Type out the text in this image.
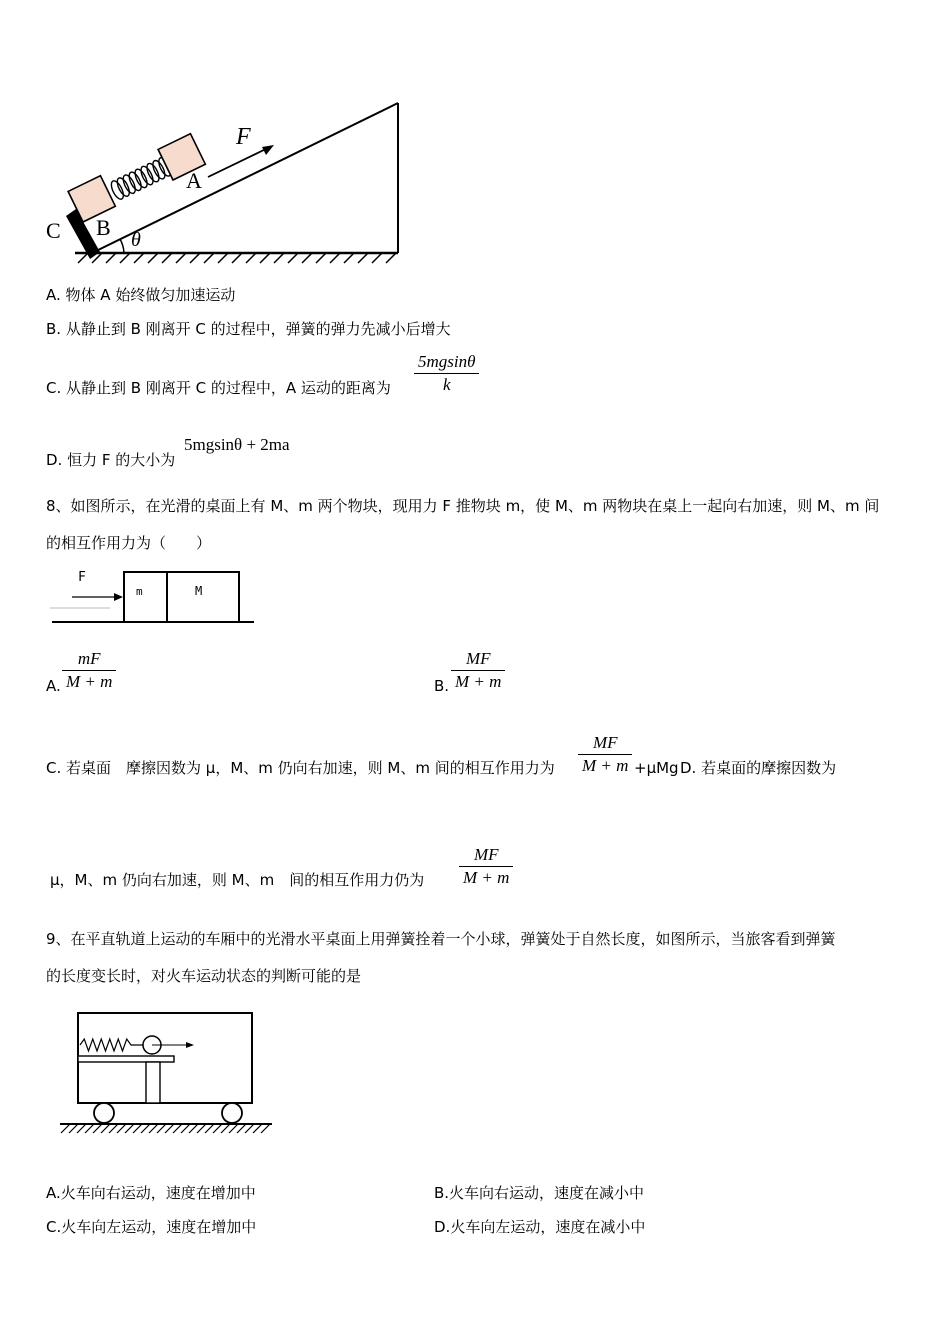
F
A
B
C	θ
A. 物体 A 始终做匀加速运动
B. 从静止到 B 刚离开 C 的过程中，弹簧的弹力先减小后增大
C. 从静止到 B 刚离开 C 的过程中，A 运动的距离为
5mgsinθ
k
D. 恒力 F 的大小为
5mgsinθ + 2ma
8、如图所示，在光滑的桌面上有 M、m 两个物块，现用力 F 推物块 m，使 M、m 两物块在桌上一起向右加速，则 M、m 间
的相互作用力为（　　）
F
m	M
A.
mF
M + m	B.
MF
M + m
C. 若桌面　摩擦因数为 μ，M、m 仍向右加速，则 M、m 间的相互作用力为
MF
M + m +μMg D. 若桌面的摩擦因数为
μ，M、m 仍向右加速，则 M、m　间的相互作用力仍为
MF
M + m
9、在平直轨道上运动的车厢中的光滑水平桌面上用弹簧拴着一个小球，弹簧处于自然长度，如图所示，当旅客看到弹簧
的长度变长时，对火车运动状态的判断可能的是
A.火车向右运动，速度在增加中	B.火车向右运动，速度在减小中
C.火车向左运动，速度在增加中	D.火车向左运动，速度在减小中
